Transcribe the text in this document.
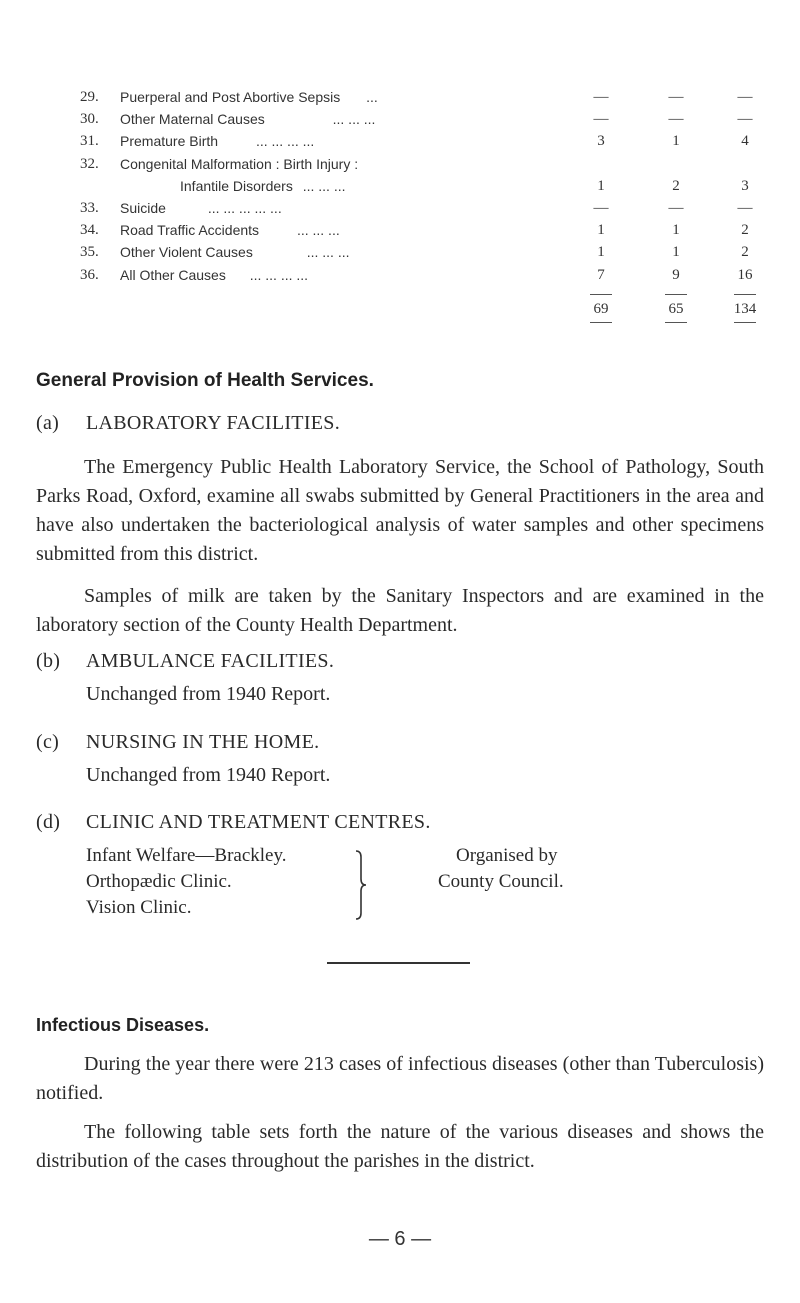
29.	Puerperal and Post Abortive Sepsis ...	—	—	—
30.	Other Maternal Causes	... ... ...	—	—	—
31.	Premature Birth	... ... ... ...	3	1	4
32.	Congenital Malformation : Birth Injury :
Infantile Disorders ... ... ...	1	2	3
33.	Suicide	... ... ... ... ...	—	—	—
34.	Road Traffic Accidents	... ... ...	1	1	2
35.	Other Violent Causes	... ... ...	1	1	2
36.	All Other Causes ... ... ... ...	7	9	16
69	65	134
General Provision of Health Services.
(a) LABORATORY FACILITIES.

The Emergency Public Health Laboratory Service, the School of Pathology, South Parks Road, Oxford, examine all swabs submitted by General Practitioners in the area and have also undertaken the bacteriological analysis of water samples and other specimens submitted from this district.

Samples of milk are taken by the Sanitary Inspectors and are examined in the laboratory section of the County Health Department.

(b) AMBULANCE FACILITIES.

Unchanged from 1940 Report.

(c) NURSING IN THE HOME.

Unchanged from 1940 Report.

(d) CLINIC AND TREATMENT CENTRES.
Infant Welfare—Brackley.
Orthopædic Clinic.
Vision Clinic.
Organised by
County Council.
Infectious Diseases.

During the year there were 213 cases of infectious diseases (other than Tuberculosis) notified.

The following table sets forth the nature of the various diseases and shows the distribution of the cases throughout the parishes in the district.

— 6 —
